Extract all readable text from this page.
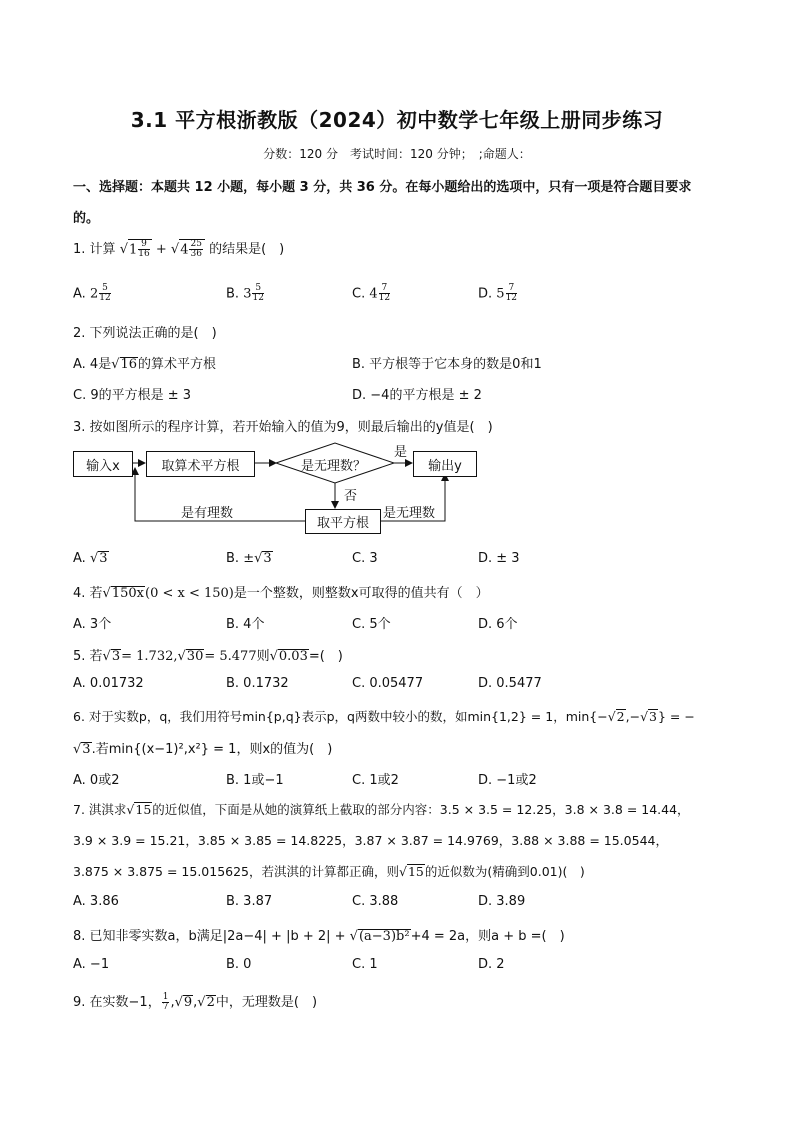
3.1 平方根浙教版（2024）初中数学七年级上册同步练习
分数：120 分　考试时间：120 分钟；　;命题人：
一、选择题：本题共 12 小题，每小题 3 分，共 36 分。在每小题给出的选项中，只有一项是符合题目要求
的。
1. 计算 $√1 \frac{9}{16} + √4 \frac{25}{36}$ 的结果是(　)
A. $2 \frac{5}{12}$	B. $3 \frac{5}{12}$	C. $4 \frac{7}{12}$	D. $5 \frac{7}{12}$
2. 下列说法正确的是(　)
A. 4是√16的算术平方根	B. 平方根等于它本身的数是0和1
C. 9的平方根是 ± 3	D. −4的平方根是 ± 2
3. 按如图所示的程序计算，若开始输入的值为9，则最后输出的y值是(　)
输入x	取算术平方根	是无理数？	输出y
是
否
取平方根
是有理数	是无理数
A. √3	B. ±√3	C. 3	D. ± 3
4. 若√150x(0 < x < 150)是一个整数，则整数x可取得的值共有（　）
A. 3个	B. 4个	C. 5个	D. 6个
5. 若√3= 1.732,√30= 5.477则√0.03=(　)
A. 0.01732	B. 0.1732	C. 0.05477	D. 0.5477
6. 对于实数p，q，我们用符号min{p,q}表示p，q两数中较小的数，如min{1,2} = 1，min{−√2,−√3} = −
√3.若min{(x−1)²,x²} = 1，则x的值为(　)
A. 0或2	B. 1或−1	C. 1或2	D. −1或2
7. 淇淇求√15的近似值，下面是从她的演算纸上截取的部分内容：3.5 × 3.5 = 12.25，3.8 × 3.8 = 14.44，
3.9 × 3.9 = 15.21，3.85 × 3.85 = 14.8225，3.87 × 3.87 = 14.9769，3.88 × 3.88 = 15.0544，
3.875 × 3.875 = 15.015625，若淇淇的计算都正确，则√15的近似数为(精确到0.01)(　)
A. 3.86	B. 3.87	C. 3.88	D. 3.89
8. 已知非零实数a，b满足|2a−4| + |b + 2| + √(a−3)b²+4 = 2a，则a + b =(　)
A. −1	B. 0	C. 1	D. 2
9. 在实数−1， $\frac{1}{7} ,√9,√2$中，无理数是(　)
